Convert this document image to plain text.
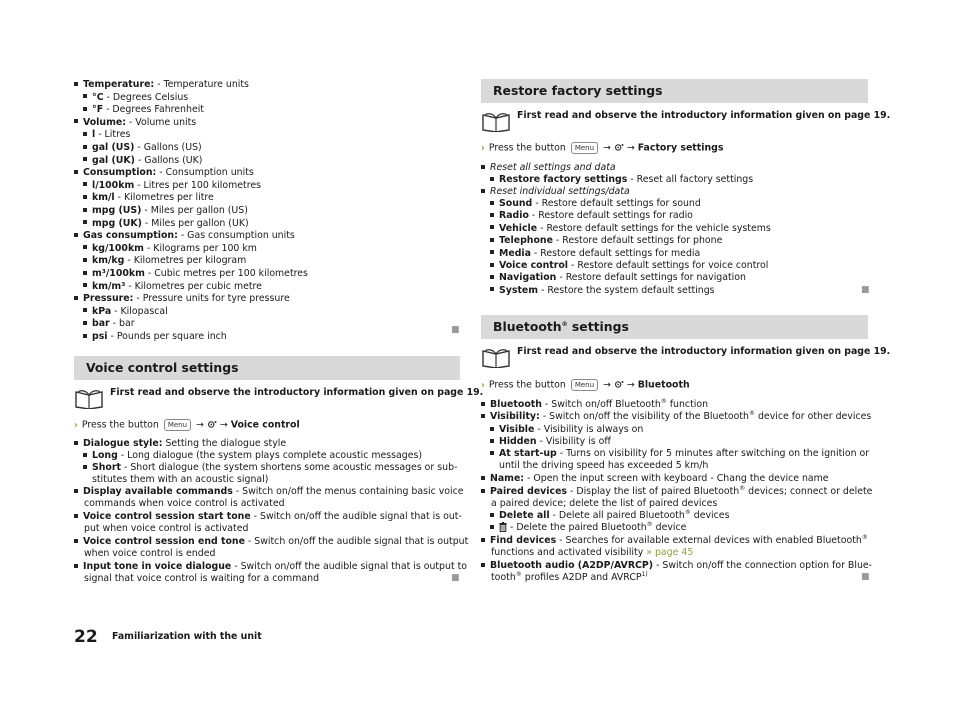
Temperature: - Temperature units
°C - Degrees Celsius
°F - Degrees Fahrenheit
Volume: - Volume units
l - Litres
gal (US) - Gallons (US)
gal (UK) - Gallons (UK)
Consumption: - Consumption units
l/100km - Litres per 100 kilometres
km/l - Kilometres per litre
mpg (US) - Miles per gallon (US)
mpg (UK) - Miles per gallon (UK)
Gas consumption: - Gas consumption units
kg/100km - Kilograms per 100 km
km/kg - Kilometres per kilogram
m³/100km - Cubic metres per 100 kilometres
km/m³ - Kilometres per cubic metre
Pressure: - Pressure units for tyre pressure
kPa - Kilopascal
bar - bar
psi - Pounds per square inch
■
Voice control settings
First read and observe the introductory information given on page 19.
› Press the button Menu → → Voice control
Dialogue style: Setting the dialogue style
Long - Long dialogue (the system plays complete acoustic messages)
Short - Short dialogue (the system shortens some acoustic messages or sub-
stitutes them with an acoustic signal)
Display available commands - Switch on/off the menus containing basic voice
commands when voice control is activated
Voice control session start tone - Switch on/off the audible signal that is out-
put when voice control is activated
Voice control session end tone - Switch on/off the audible signal that is output
when voice control is ended
Input tone in voice dialogue - Switch on/off the audible signal that is output to
signal that voice control is waiting for a command	■
Restore factory settings
First read and observe the introductory information given on page 19.
› Press the button Menu → → Factory settings
Reset all settings and data
Restore factory settings - Reset all factory settings
Reset individual settings/data
Sound - Restore default settings for sound
Radio - Restore default settings for radio
Vehicle - Restore default settings for the vehicle systems
Telephone - Restore default settings for phone
Media - Restore default settings for media
Voice control - Restore default settings for voice control
Navigation - Restore default settings for navigation
System - Restore the system default settings	■
Bluetooth® settings
First read and observe the introductory information given on page 19.
› Press the button Menu → → Bluetooth
Bluetooth - Switch on/off Bluetooth® function
Visibility: - Switch on/off the visibility of the Bluetooth® device for other devices
Visible - Visibility is always on
Hidden - Visibility is off
At start-up - Turns on visibility for 5 minutes after switching on the ignition or
until the driving speed has exceeded 5 km/h
Name: - Open the input screen with keyboard - Chang the device name
Paired devices - Display the list of paired Bluetooth® devices; connect or delete
a paired device; delete the list of paired devices
Delete all - Delete all paired Bluetooth® devices
- Delete the paired Bluetooth® device
Find devices - Searches for available external devices with enabled Bluetooth®
functions and activated visibility » page 45
Bluetooth audio (A2DP/AVRCP) - Switch on/off the connection option for Blue-
tooth® profiles A2DP and AVRCP$^{1)}$	■
22 Familiarization with the unit
